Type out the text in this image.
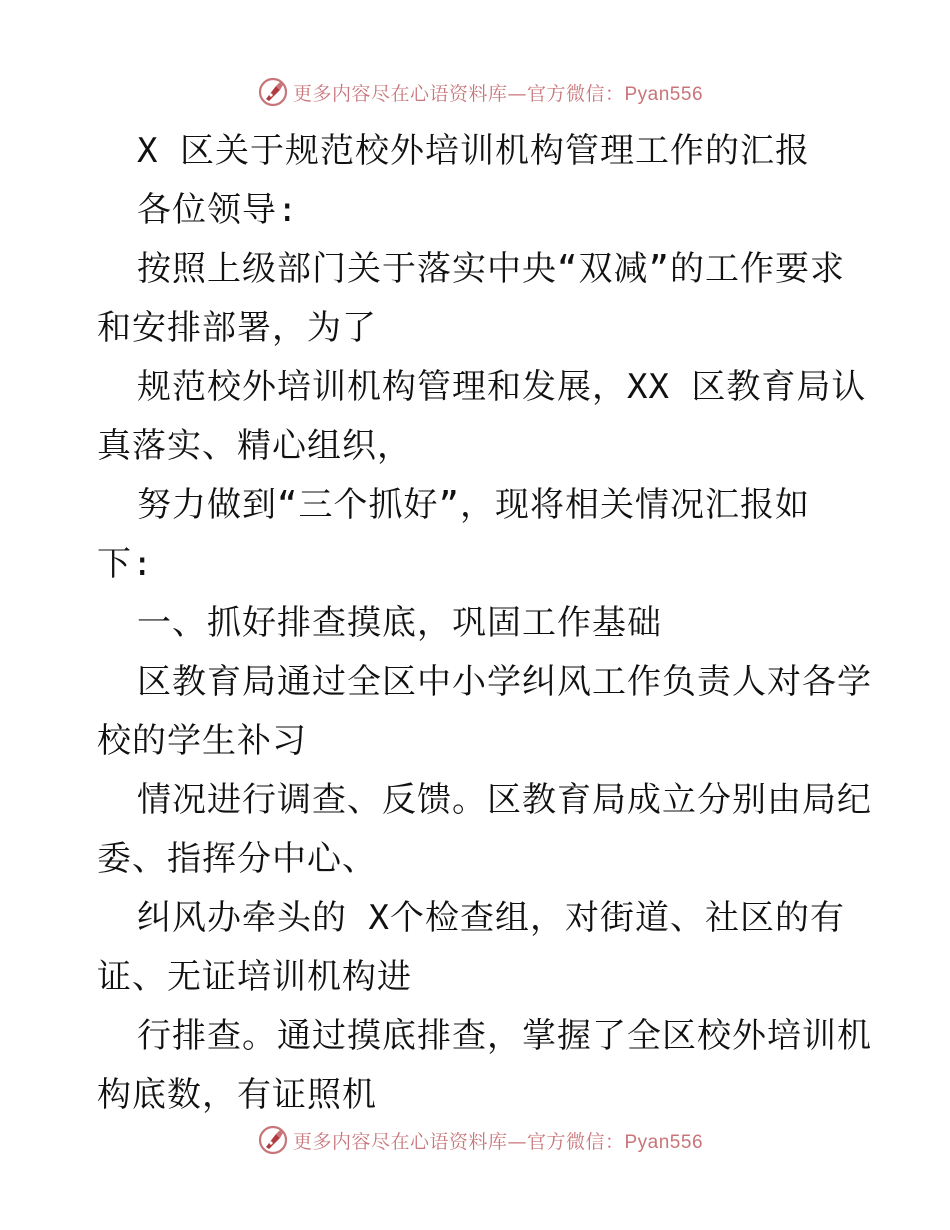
更多内容尽在心语资料库—官方微信：Pyan556
X 区关于规范校外培训机构管理工作的汇报
各位领导:
按照上级部门关于落实中央“双减”的工作要求
和安排部署，为了
规范校外培训机构管理和发展，XX 区教育局认
真落实、精心组织，
努力做到“三个抓好”，现将相关情况汇报如
下:
一、抓好排查摸底，巩固工作基础
区教育局通过全区中小学纠风工作负责人对各学
校的学生补习
情况进行调查、反馈。区教育局成立分别由局纪
委、指挥分中心、
纠风办牵头的 X个检查组，对街道、社区的有
证、无证培训机构进
行排查。通过摸底排查，掌握了全区校外培训机
构底数，有证照机
更多内容尽在心语资料库—官方微信：Pyan556
